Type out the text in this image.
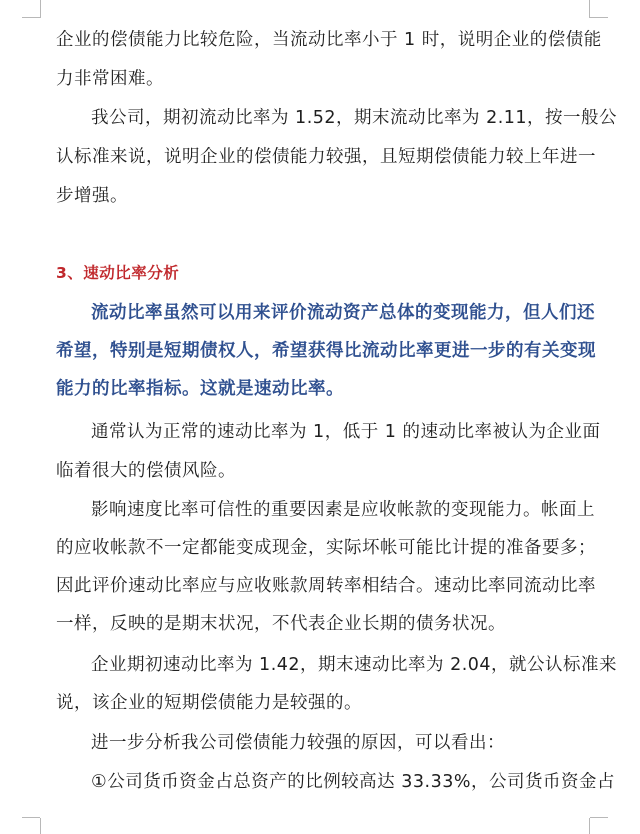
企业的偿债能力比较危险，当流动比率小于 1 时，说明企业的偿债能
力非常困难。
我公司，期初流动比率为 1.52，期末流动比率为 2.11，按一般公
认标准来说，说明企业的偿债能力较强，且短期偿债能力较上年进一
步增强。
3、速动比率分析
流动比率虽然可以用来评价流动资产总体的变现能力，但人们还
希望，特别是短期债权人，希望获得比流动比率更进一步的有关变现
能力的比率指标。这就是速动比率。
通常认为正常的速动比率为 1，低于 1 的速动比率被认为企业面
临着很大的偿债风险。
影响速度比率可信性的重要因素是应收帐款的变现能力。帐面上
的应收帐款不一定都能变成现金，实际坏帐可能比计提的准备要多；
因此评价速动比率应与应收账款周转率相结合。速动比率同流动比率
一样，反映的是期末状况，不代表企业长期的债务状况。
企业期初速动比率为 1.42，期末速动比率为 2.04，就公认标准来
说，该企业的短期偿债能力是较强的。
进一步分析我公司偿债能力较强的原因，可以看出：
①公司货币资金占总资产的比例较高达 33.33%，公司货币资金占
